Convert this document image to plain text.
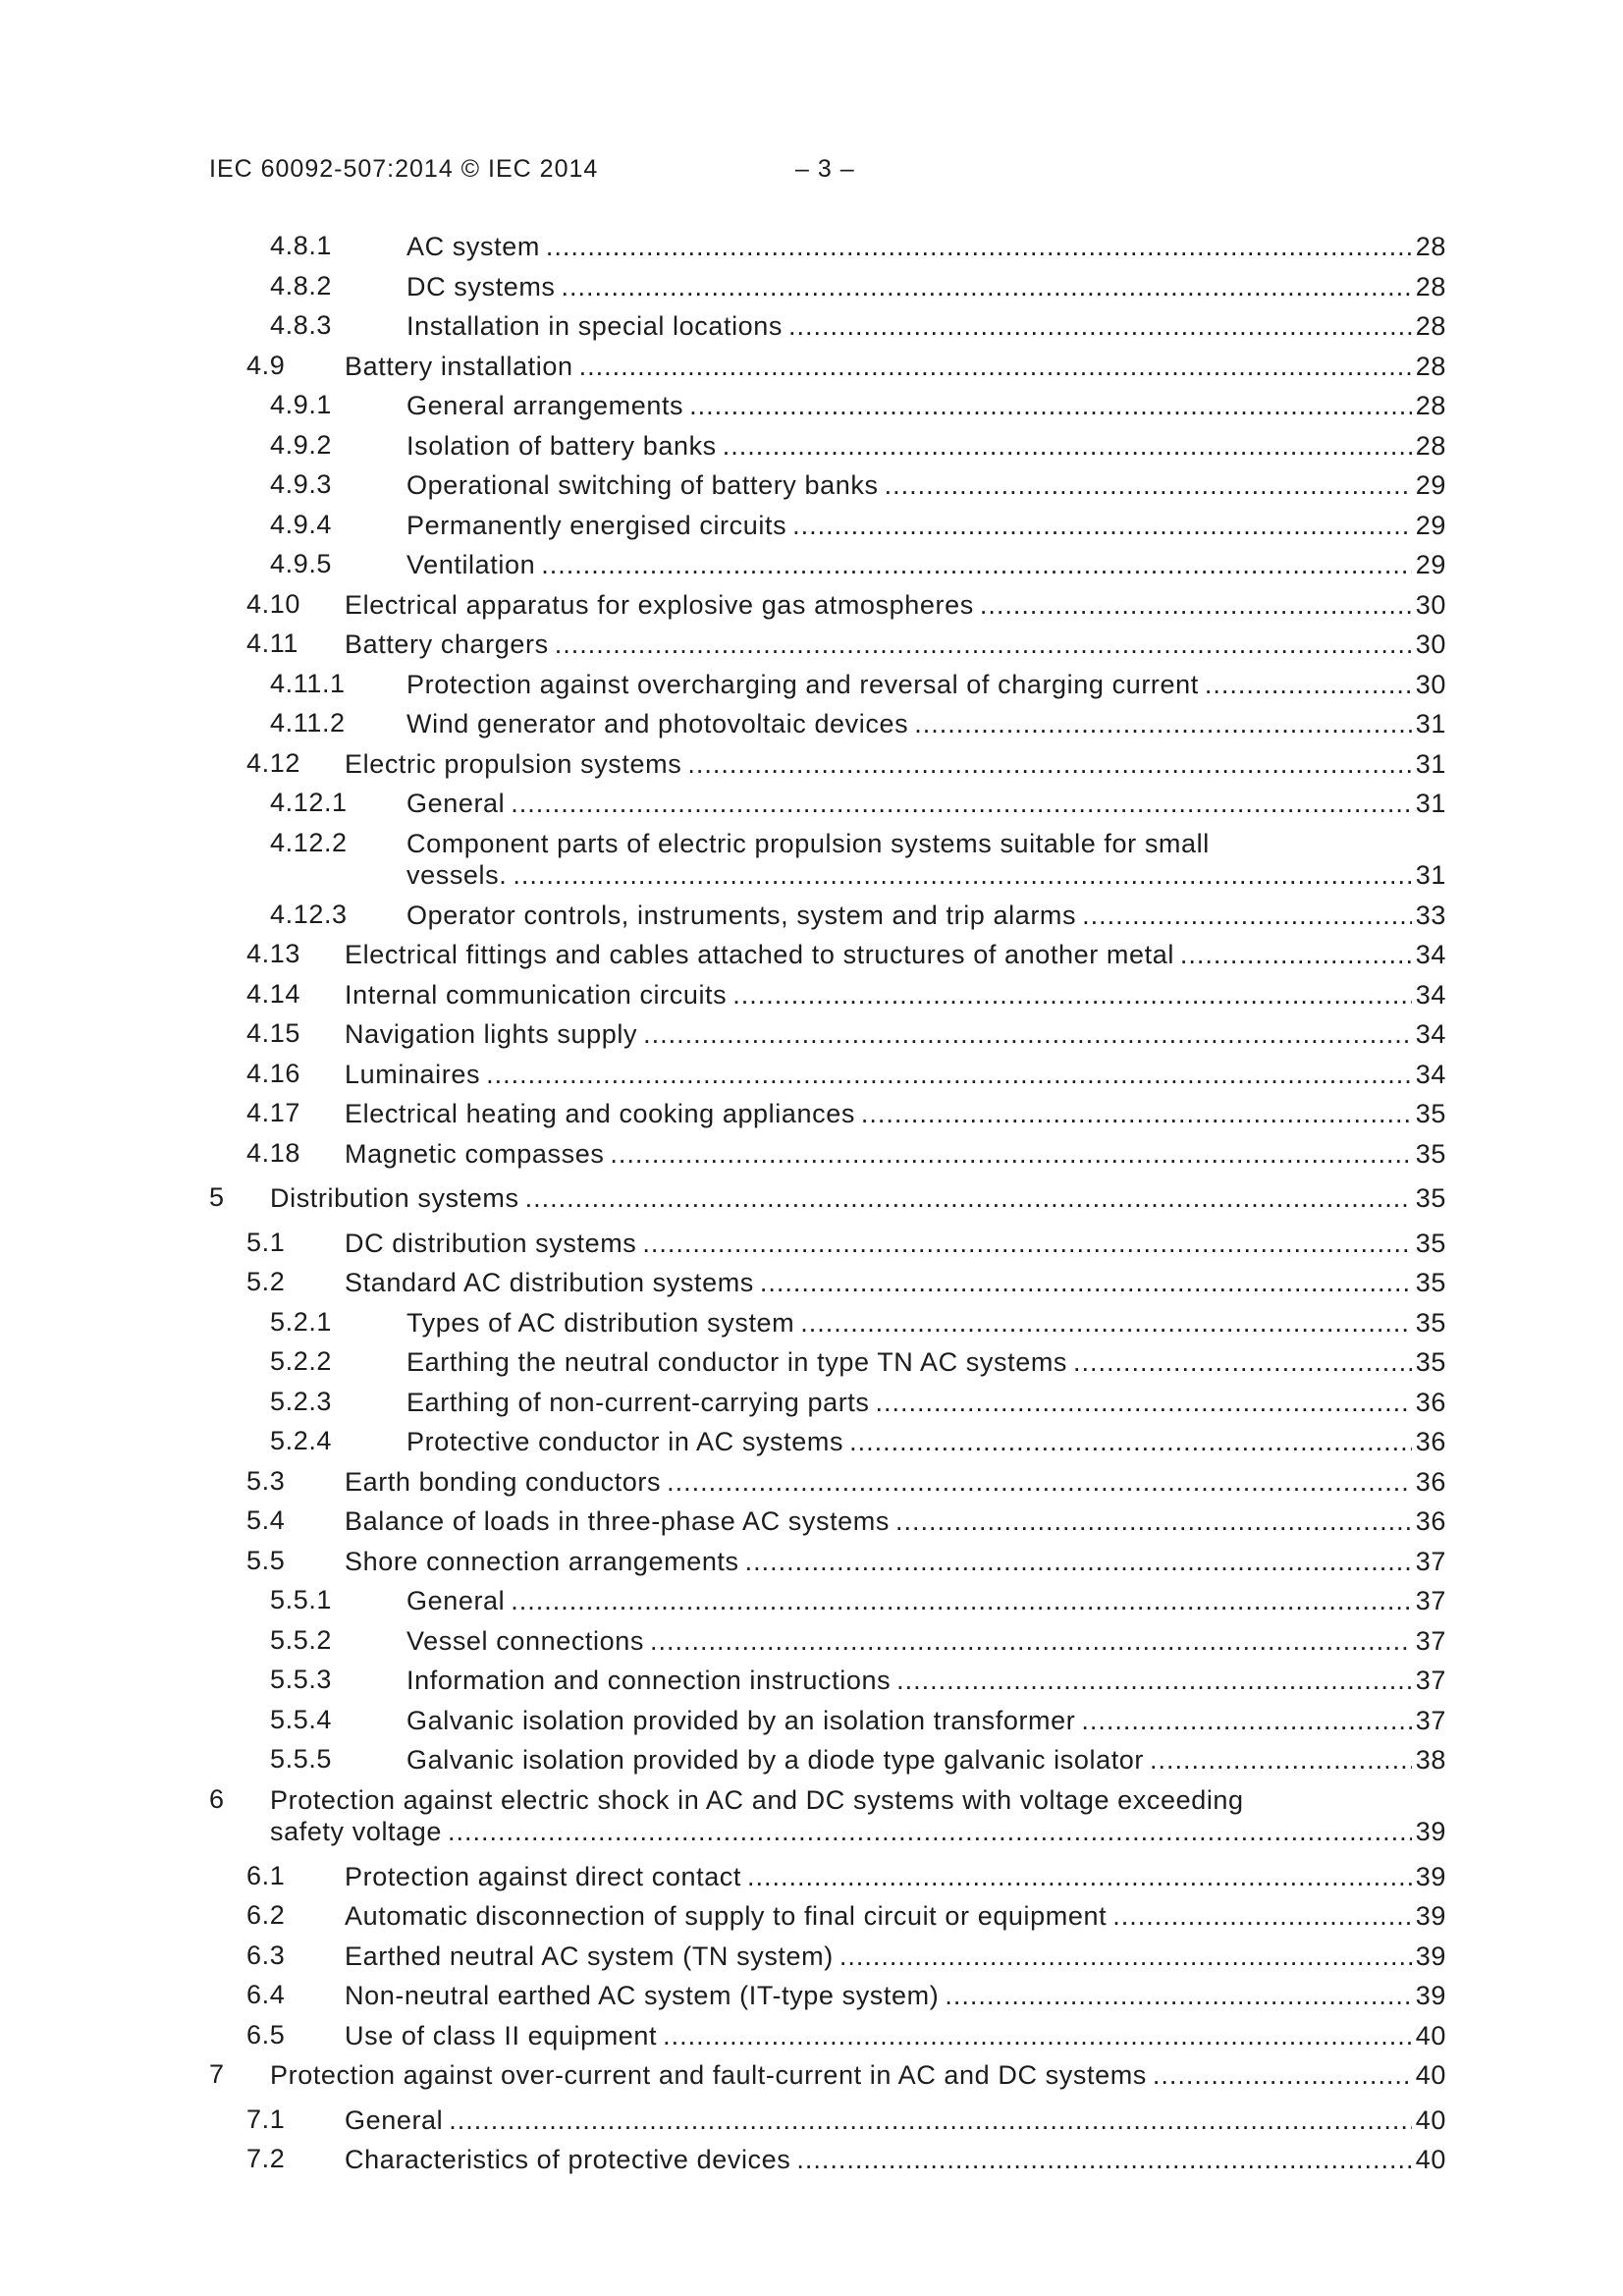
IEC 60092-507:2014 © IEC 2014	– 3 –
4.8.1	AC system .....	28
4.8.2	DC systems .....	28
4.8.3	Installation in special locations .....	28
4.9 Battery installation .....	28
4.9.1	General arrangements .....	28
4.9.2	Isolation of battery banks .....	28
4.9.3	Operational switching of battery banks .....	29
4.9.4	Permanently energised circuits .....	29
4.9.5	Ventilation .....	29
4.10 Electrical apparatus for explosive gas atmospheres .....	30
4.11 Battery chargers .....	30
4.11.1 Protection against overcharging and reversal of charging current .....	30
4.11.2 Wind generator and photovoltaic devices .....	31
4.12 Electric propulsion systems .....	31
4.12.1 General .....	31
4.12.2 Component parts of electric propulsion systems suitable for small
vessels. .....	31
4.12.3 Operator controls, instruments, system and trip alarms .....	33
4.13 Electrical fittings and cables attached to structures of another metal .....	34
4.14 Internal communication circuits .....	34
4.15 Navigation lights supply .....	34
4.16 Luminaires .....	34
4.17 Electrical heating and cooking appliances .....	35
4.18 Magnetic compasses .....	35
5 Distribution systems .....	35
5.1 DC distribution systems .....	35
5.2 Standard AC distribution systems .....	35
5.2.1	Types of AC distribution system .....	35
5.2.2	Earthing the neutral conductor in type TN AC systems .....	35
5.2.3	Earthing of non-current-carrying parts .....	36
5.2.4	Protective conductor in AC systems .....	36
5.3 Earth bonding conductors .....	36
5.4 Balance of loads in three-phase AC systems .....	36
5.5 Shore connection arrangements .....	37
5.5.1	General .....	37
5.5.2	Vessel connections .....	37
5.5.3	Information and connection instructions .....	37
5.5.4	Galvanic isolation provided by an isolation transformer .....	37
5.5.5	Galvanic isolation provided by a diode type galvanic isolator .....	38
6 Protection against electric shock in AC and DC systems with voltage exceeding
safety voltage .....	39
6.1 Protection against direct contact .....	39
6.2 Automatic disconnection of supply to final circuit or equipment .....	39
6.3 Earthed neutral AC system (TN system) .....	39
6.4 Non-neutral earthed AC system (IT-type system) .....	39
6.5 Use of class II equipment .....	40
7 Protection against over-current and fault-current in AC and DC systems .....	40
7.1 General .....	40
7.2 Characteristics of protective devices .....	40
